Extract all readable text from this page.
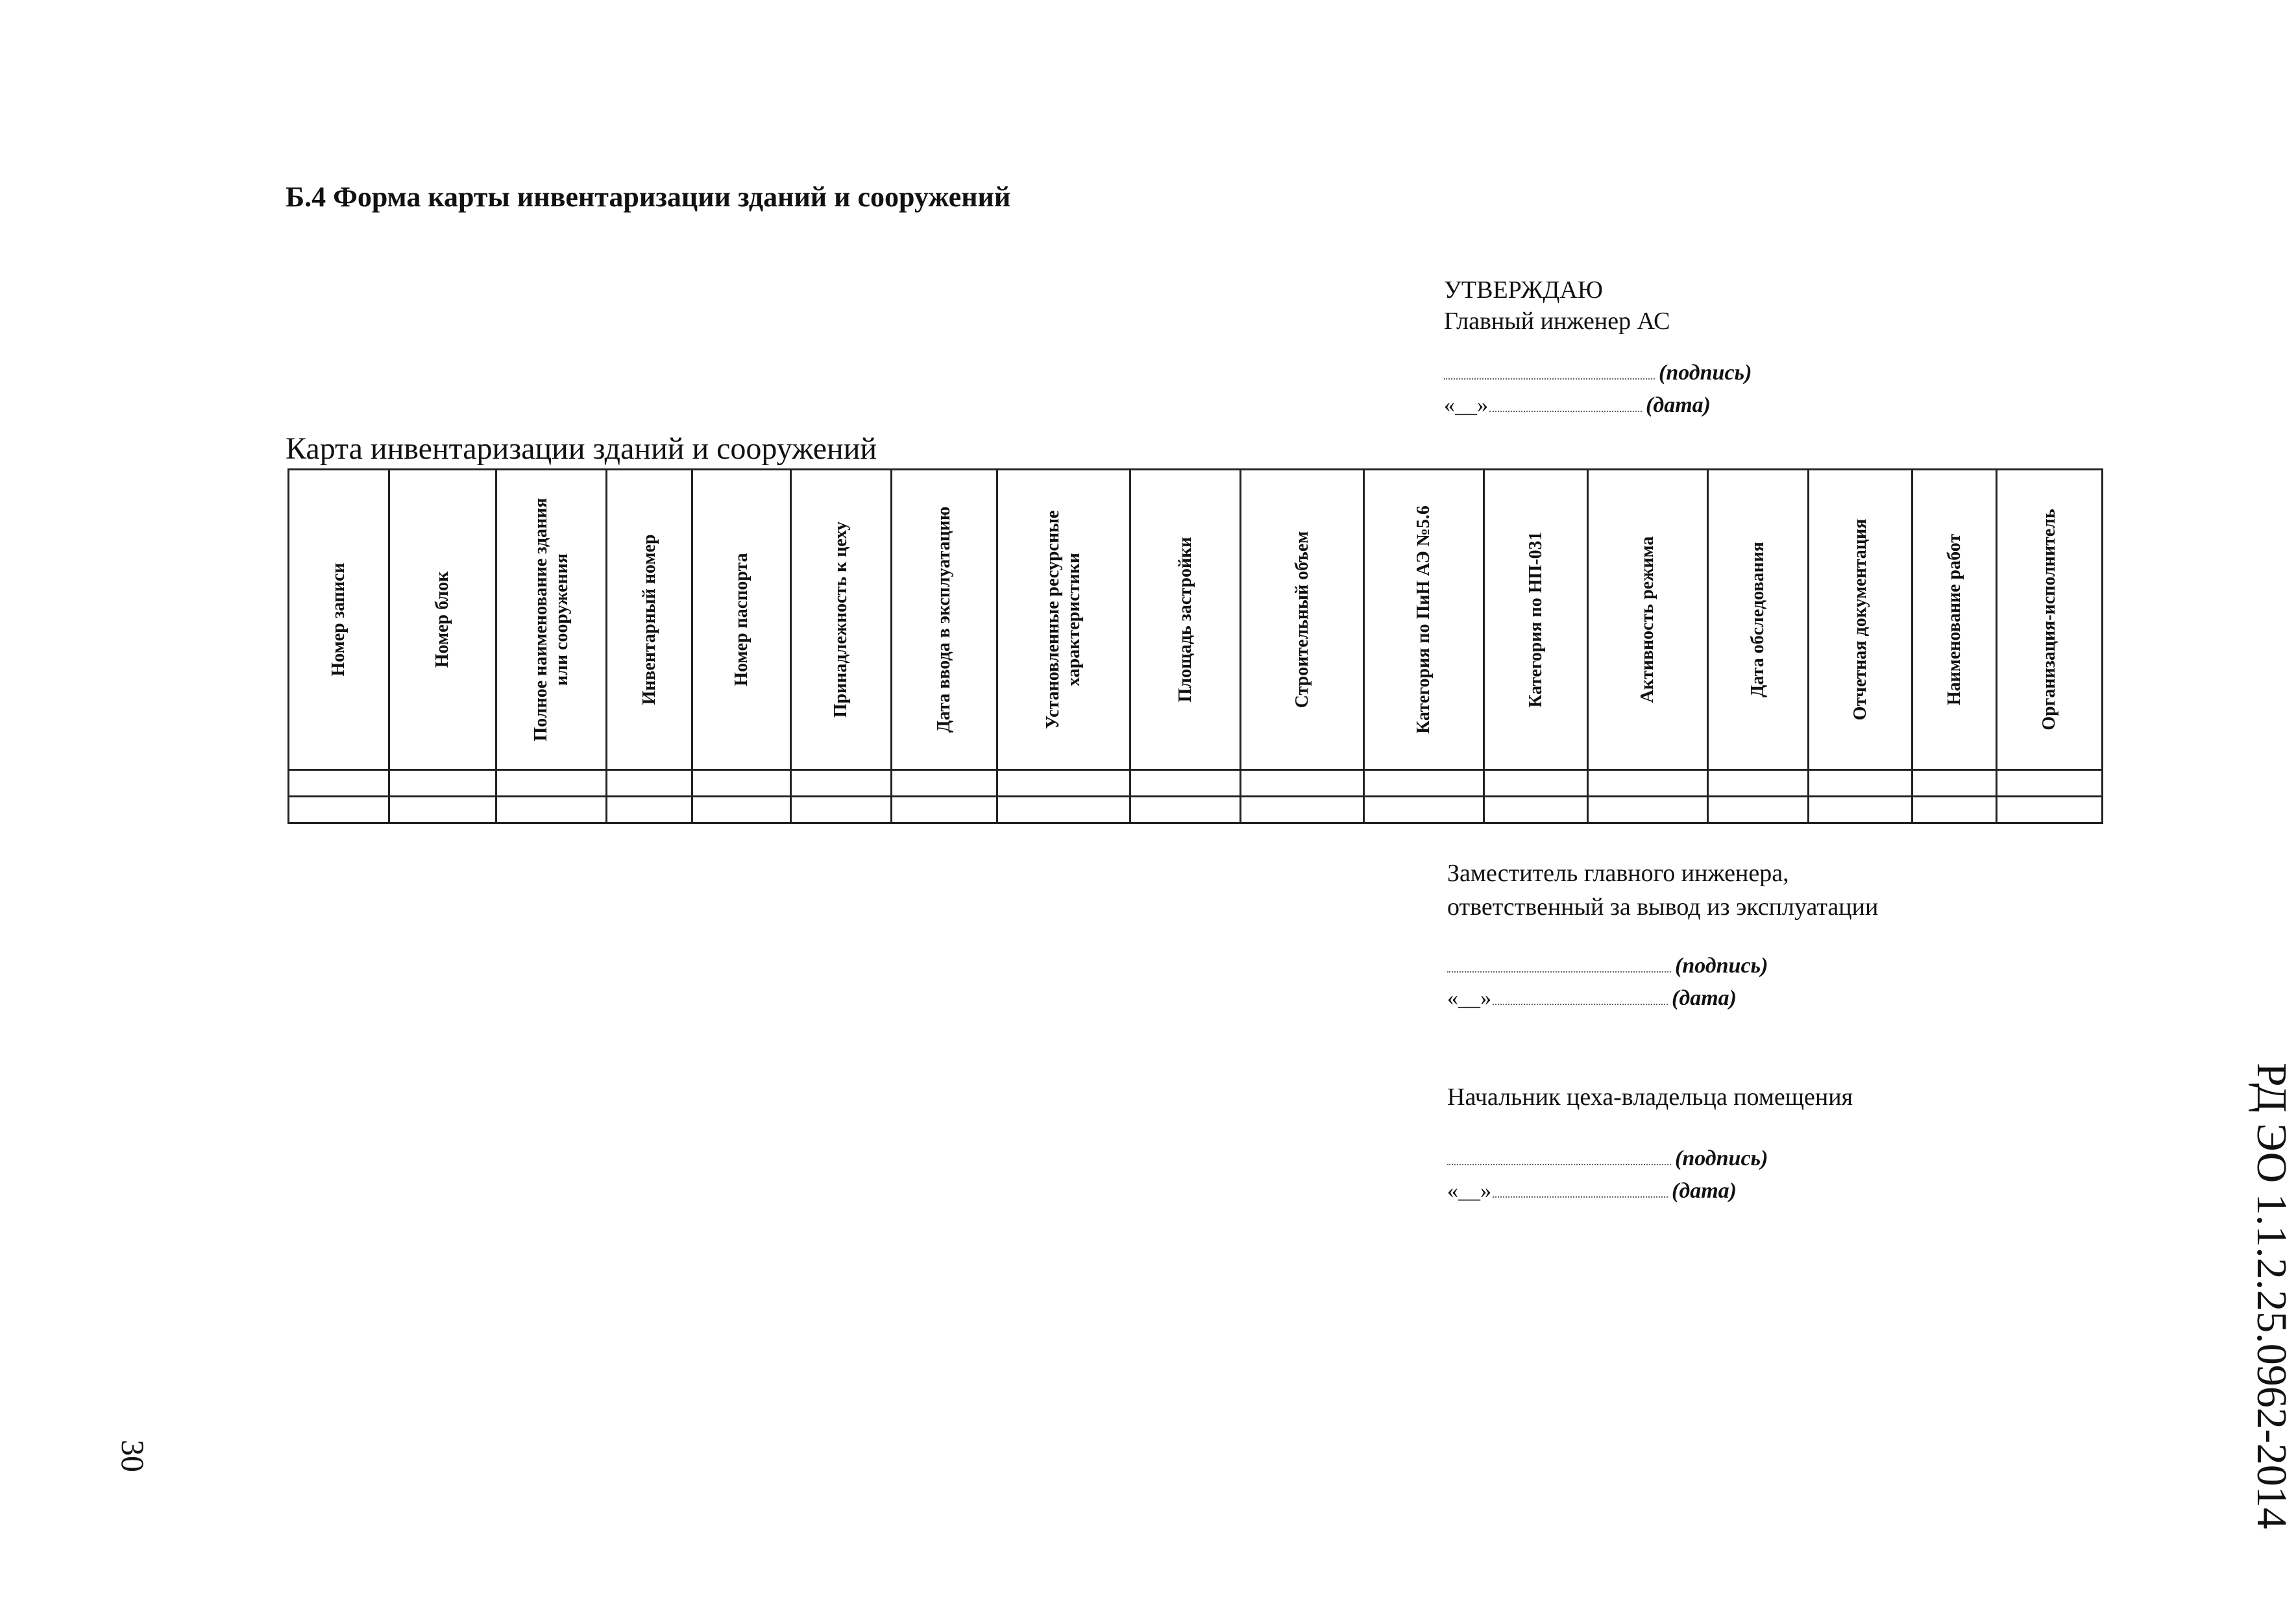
Б.4 Форма карты инвентаризации зданий и сооружений
УТВЕРЖДАЮ
Главный инженер АС
(подпись)
«__»	(дата)
Карта инвентаризации зданий и сооружений
Номер записи	Номер блок	Полное наименование здания или сооружения	Инвентарный номер	Номер паспорта	Принадлежность к цеху	Дата ввода в эксплуатацию	Установленные ресурсные характеристики	Площадь застройки	Строительный объем	Категория по ПиН АЭ №5.6	Категория по НП-031	Активность режима	Дата обследования	Отчетная документация	Наименование работ	Организация-исполнитель

Заместитель главного инженера,
ответственный за вывод из эксплуатации
(подпись)
«__»	(дата)
Начальник цеха-владельца помещения
(подпись)
«__»	(дата)	РД ЭО 1.1.2.25.0962-2014
30
